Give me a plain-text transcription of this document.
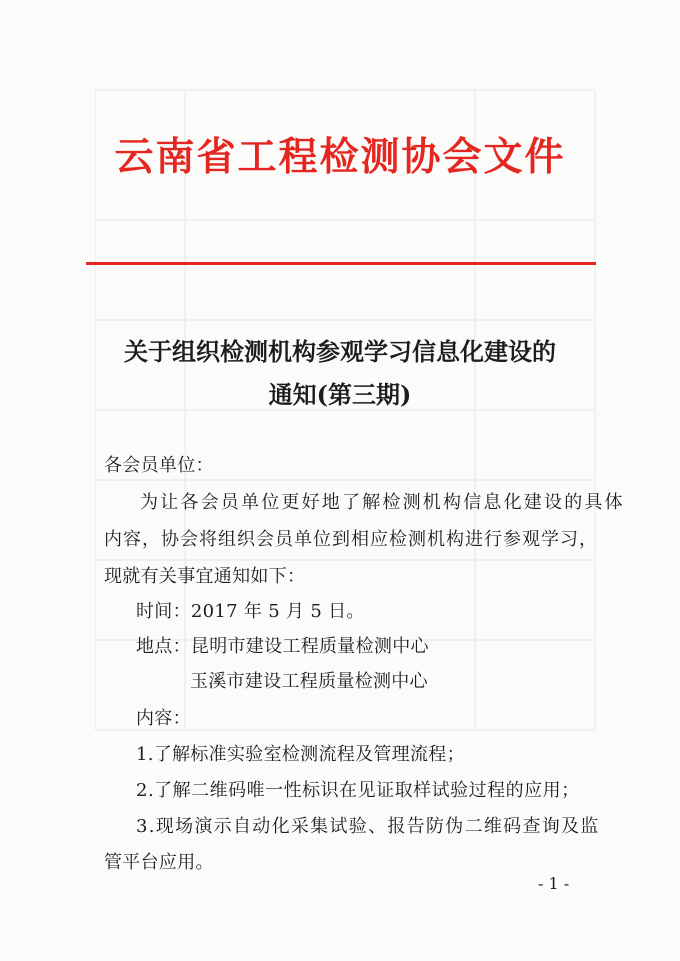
云南省工程检测协会文件
关于组织检测机构参观学习信息化建设的
通知(第三期)
各会员单位：
为让各会员单位更好地了解检测机构信息化建设的具体
内容，协会将组织会员单位到相应检测机构进行参观学习，
现就有关事宜通知如下：
时间：2017 年 5 月 5 日。
地点：昆明市建设工程质量检测中心
玉溪市建设工程质量检测中心
内容：
1.了解标准实验室检测流程及管理流程；
2.了解二维码唯一性标识在见证取样试验过程的应用；
3.现场演示自动化采集试验、报告防伪二维码查询及监
管平台应用。
- 1 -
